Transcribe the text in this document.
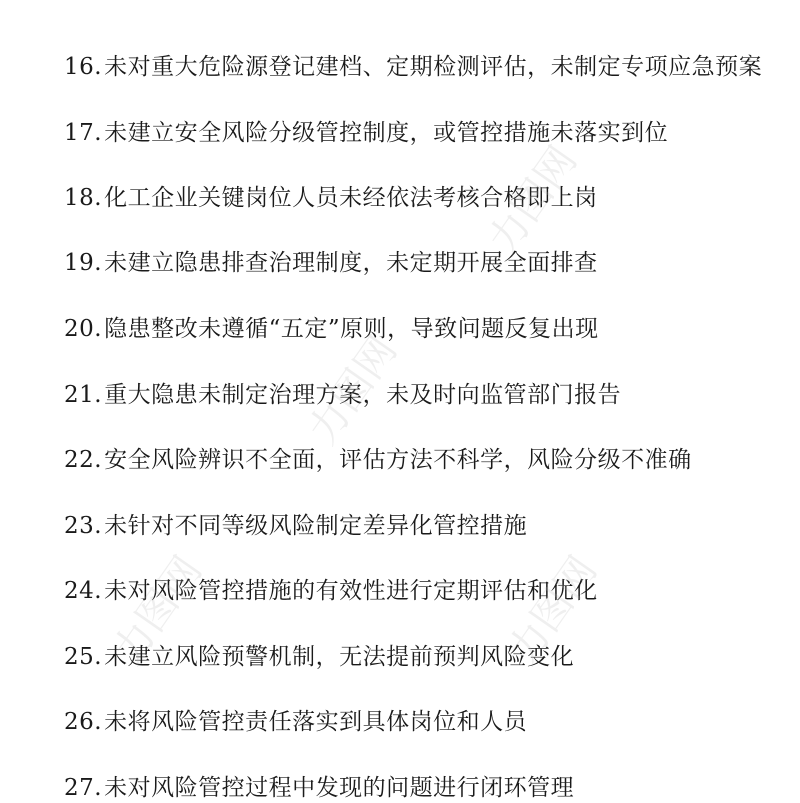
16.未对重大危险源登记建档、定期检测评估，未制定专项应急预案
17.未建立安全风险分级管控制度，或管控措施未落实到位
18.化工企业关键岗位人员未经依法考核合格即上岗
19.未建立隐患排查治理制度，未定期开展全面排查
20.隐患整改未遵循“五定”原则，导致问题反复出现
21.重大隐患未制定治理方案，未及时向监管部门报告
22.安全风险辨识不全面，评估方法不科学，风险分级不准确
23.未针对不同等级风险制定差异化管控措施
24.未对风险管控措施的有效性进行定期评估和优化
25.未建立风险预警机制，无法提前预判风险变化
26.未将风险管控责任落实到具体岗位和人员
27.未对风险管控过程中发现的问题进行闭环管理
力图网
力图网
力图网	力图网
